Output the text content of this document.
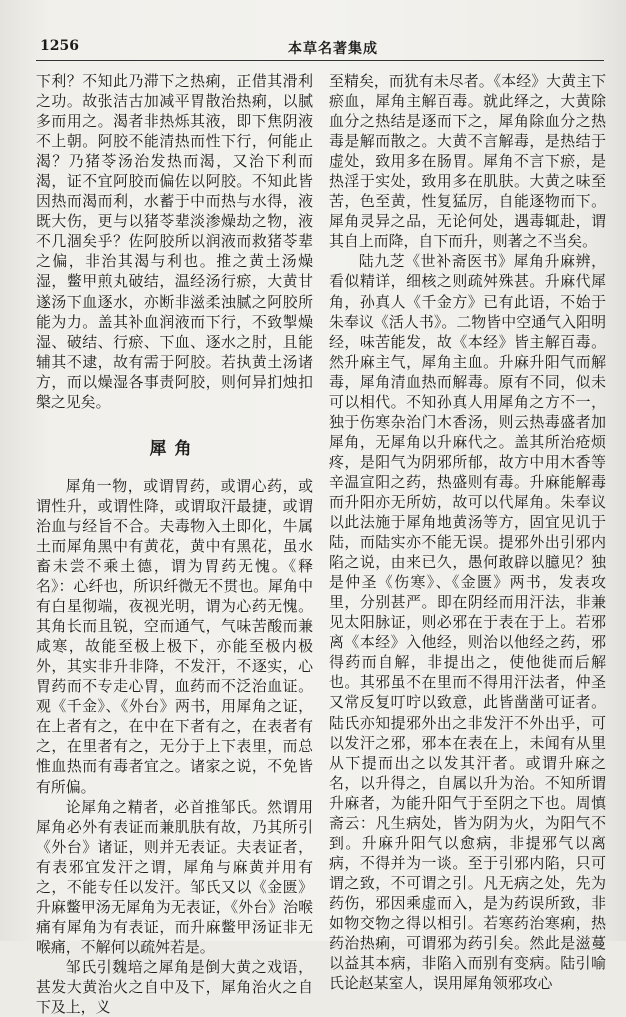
1256	本草名著集成

下利？不知此乃滞下之热痢，正借其滑利之功。故张洁古加减平胃散治热痢，以腻多而用之。渴者非热烁其液，即下焦阴液不上朝。阿胶不能清热而性下行，何能止渴？乃猪苓汤治发热而渴，又治下利而渴，证不宜阿胶而偏佐以阿胶。不知此皆因热而渴而利，水蓄于中而热与水得，液既大伤，更与以猪苓辈淡渗燥劫之物，液不几涸矣乎？佐阿胶所以润液而救猪苓辈之偏，非治其渴与利也。推之黄土汤燥湿，鳖甲煎丸破结，温经汤行瘀，大黄甘遂汤下血逐水，亦断非滋柔浊腻之阿胶所能为力。盖其补血润液而下行，不致掣燥湿、破结、行瘀、下血、逐水之肘，且能辅其不逮，故有需于阿胶。若执黄土汤诸方，而以燥湿各事责阿胶，则何异扪烛扣槃之见矣。

犀角

犀角一物，或谓胃药，或谓心药，或谓性升，或谓性降，或谓取汗最捷，或谓治血与经旨不合。夫毒物入土即化，牛属土而犀角黑中有黄花，黄中有黑花，虽水畜未尝不乘土德，谓为胃药无愧。《释名》：心纤也，所识纤微无不贯也。犀角中有白星彻端，夜视光明，谓为心药无愧。其角长而且锐，空而通气，气味苦酸而兼咸寒，故能至极上极下，亦能至极内极外，其实非升非降，不发汗，不逐实，心胃药而不专走心胃，血药而不泛治血证。观《千金》、《外台》两书，用犀角之证，在上者有之，在中在下者有之，在表者有之，在里者有之，无分于上下表里，而总惟血热而有毒者宜之。诸家之说，不免皆有所偏。

论犀角之精者，必首推邹氏。然谓用犀角必外有表证而兼肌肤有故，乃其所引《外台》诸证，则并无表证。夫表证者，有表邪宜发汗之谓，犀角与麻黄并用有之，不能专任以发汗。邹氏又以《金匮》升麻鳖甲汤无犀角为无表证，《外台》治喉痛有犀角为有表证，而升麻鳖甲汤证非无喉痛，不解何以疏舛若是。

邹氏引魏培之犀角是倒大黄之戏语，甚发大黄治火之自中及下，犀角治火之自下及上，义

至精矣，而犹有未尽者。《本经》大黄主下瘀血，犀角主解百毒。就此绎之，大黄除血分之热结是逐而下之，犀角除血分之热毒是解而散之。大黄不言解毒，是热结于虚处，致用多在肠胃。犀角不言下瘀，是热淫于实处，致用多在肌肤。大黄之味至苦，色至黄，性复猛厉，自能逐物而下。犀角灵异之品，无论何处，遇毒辄赴，谓其自上而降，自下而升，则著之不当矣。

陆九芝《世补斋医书》犀角升麻辨，看似精详，细核之则疏舛殊甚。升麻代犀角，孙真人《千金方》已有此语，不始于朱奉议《活人书》。二物皆中空通气入阳明经，味苦能发，故《本经》皆主解百毒。然升麻主气，犀角主血。升麻升阳气而解毒，犀角清血热而解毒。原有不同，似未可以相代。不知孙真人用犀角之方不一，独于伤寒杂治门木香汤，则云热毒盛者加犀角，无犀角以升麻代之。盖其所治疮烦疼，是阳气为阴邪所郁，故方中用木香等辛温宣阳之药，热盛则有毒。升麻能解毒而升阳亦无所妨，故可以代犀角。朱奉议以此法施于犀角地黄汤等方，固宜见讥于陆，而陆实亦不能无误。提邪外出引邪内陷之说，由来已久，愚何敢辟以臆见？独是仲圣《伤寒》、《金匮》两书，发表攻里，分别甚严。即在阴经而用汗法，非兼见太阳脉证，则必邪在于表在于上。若邪离《本经》入他经，则治以他经之药，邪得药而自解，非提出之，使他徙而后解也。其邪虽不在里而不得用汗法者，仲圣又常反复叮咛以致意，此皆凿凿可证者。陆氏亦知提邪外出之非发汗不外出乎，可以发汗之邪，邪本在表在上，未闻有从里从下提而出之以发其汗者。或谓升麻之名，以升得之，自属以升为治。不知所谓升麻者，为能升阳气于至阴之下也。周慎斋云：凡生病处，皆为阴为火，为阳气不到。升麻升阳气以愈病，非提邪气以离病，不得并为一谈。至于引邪内陷，只可谓之致，不可谓之引。凡无病之处，先为药伤，邪因乘虚而入，是为药误所致，非如物交物之得以相引。若寒药治寒痢，热药治热痢，可谓邪为药引矣。然此是滋蔓以益其本病，非陷入而别有变病。陆引喻氏论赵某室人，误用犀角领邪攻心
